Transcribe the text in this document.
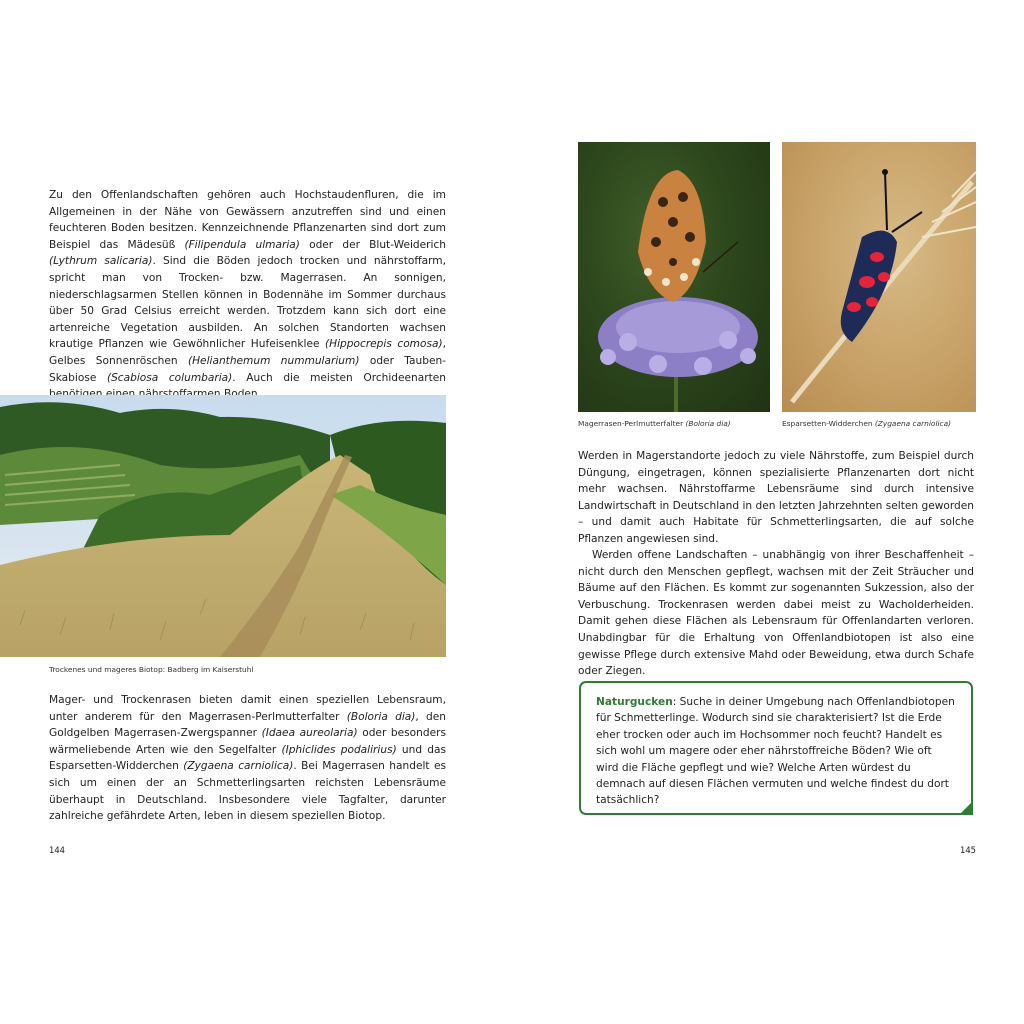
Zu den Offenlandschaften gehören auch Hochstaudenfluren, die im Allgemeinen in der Nähe von Gewässern anzutreffen sind und einen feuchteren Boden besitzen. Kennzeichnende Pflanzenarten sind dort zum Beispiel das Mädesüß (Filipendula ulmaria) oder der Blut-Weiderich (Lythrum salicaria). Sind die Böden jedoch trocken und nährstoffarm, spricht man von Trocken- bzw. Magerrasen. An sonnigen, niederschlagsarmen Stellen können in Bodennähe im Sommer durchaus über 50 Grad Celsius erreicht werden. Trotzdem kann sich dort eine artenreiche Vegetation ausbilden. An solchen Standorten wachsen krautige Pflanzen wie Gewöhnlicher Hufeisenklee (Hippocrepis comosa), Gelbes Sonnenröschen (Helianthemum nummularium) oder Tauben-Skabiose (Scabiosa columbaria). Auch die meisten Orchideenarten

Trockenes und mageres Biotop: Badberg im Kaiserstuhl

Mager- und Trockenrasen bieten damit einen speziellen Lebensraum, unter anderem für den Magerrasen-Perlmutterfalter (Boloria dia), den Goldgelben Magerrasen-Zwergspanner (Idaea aureolaria) oder besonders wärmeliebende Arten wie den Segelfalter (Iphiclides podalirius) und das Esparsetten-Widderchen (Zygaena carniolica). Bei Magerrasen handelt es sich um einen der an Schmetterlingsarten reichsten Lebensräume überhaupt in Deutschland. Insbesondere viele Tagfalter, darunter zahlreiche gefährdete Arten, leben in diesem speziellen Biotop.

144
Magerrasen-Perlmutterfalter (Boloria dia)	Esparsetten-Widderchen (Zygaena carniolica)

Werden in Magerstandorte jedoch zu viele Nährstoffe, zum Beispiel durch Düngung, eingetragen, können spezialisierte Pflanzenarten dort nicht mehr wachsen. Nährstoffarme Lebensräume sind durch intensive Landwirtschaft in Deutschland in den letzten Jahrzehnten selten geworden – und damit auch Habitate für Schmetterlingsarten, die auf solche Pflanzen angewiesen sind.

Werden offene Landschaften – unabhängig von ihrer Beschaffenheit – nicht durch den Menschen gepflegt, wachsen mit der Zeit Sträucher und Bäume auf den Flächen. Es kommt zur sogenannten Sukzession, also der Verbuschung. Trockenrasen werden dabei meist zu Wacholderheiden. Damit gehen diese Flächen als Lebensraum für Offenlandarten verloren. Unabdingbar für die Erhaltung von Offenlandbiotopen ist also eine gewisse Pflege durch extensive Mahd oder Beweidung, etwa durch Schafe oder Ziegen.

Naturgucken: Suche in deiner Umgebung nach Offenlandbiotopen für Schmetterlinge. Wodurch sind sie charakterisiert? Ist die Erde eher trocken oder auch im Hochsommer noch feucht? Handelt es sich wohl um magere oder eher nährstoffreiche Böden? Wie oft wird die Fläche gepflegt und wie? Welche Arten würdest du demnach auf diesen Flächen vermuten und welche findest du dort tatsächlich?

145
